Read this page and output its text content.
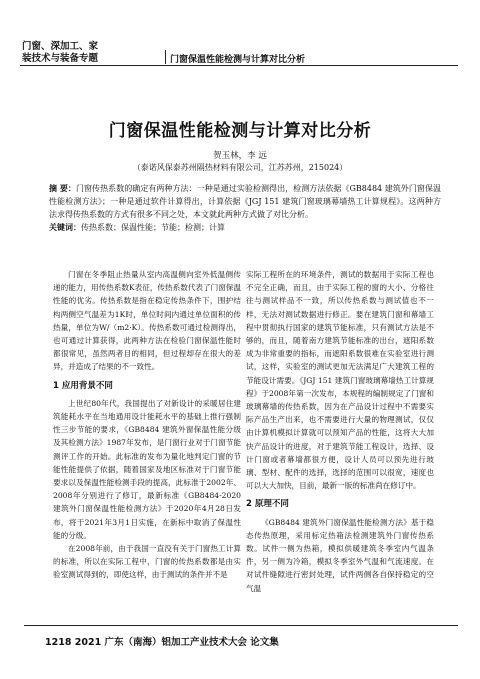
门窗、深加工、家
装技术与装备专题	门窗保温性能检测与计算对比分析
门窗保温性能检测与计算对比分析
贺玉林，李 远
（泰诺风保泰苏州隔热材料有限公司，江苏苏州，215024）
摘 要：门窗传热系数的确定有两种方法：一种是通过实验检测得出，检测方法依据《GB8484 建筑外门窗保温性能检测方法》；一种是通过软件计算得出，计算依据《JGJ 151 建筑门窗玻璃幕墙热工计算规程》。这两种方法求得传热系数的方式有很多不同之处，本文就此两种方式做了对比分析。
关键词：传热系数；保温性能；节能；检测；计算

门窗在冬季阻止热量从室内高温侧向室外低温侧传递的能力，用传热系数K表征，传热系数代表了门窗保温性能的优劣。传热系数是指在稳定传热条件下，围护结构两侧空气温差为1K时，单位时间内通过单位面积的传热量，单位为W/（m2·K）。传热系数可通过检测得出，也可通过计算获得，此两种方法在检验门窗保温性能时都很常见，虽然两者目的相同，但过程却存在很大的差异，并造成了结果的不一致性。

1 应用背景不同

上世纪80年代，我国提出了对新设计的采暖居住建筑能耗水平在当地通用设计能耗水平的基础上推行强制性三步节能的要求，《GB8484 建筑外窗保温性能分级及其检测方法》1987年发布，是门窗行业对于门窗节能测评工作的开始。此标准的发布为量化地判定门窗的节能性能提供了依据，随着国家及地区标准对于门窗节能要求以及保温性能检测手段的提高，此标准于2002年、2008年分别进行了修订，最新标准《GB8484-2020 建筑外门窗保温性能检测方法》于2020年4月28日发布，将于2021年3月1日实施，在新标中取消了保温性能的分级。

在2008年前，由于我国一直没有关于门窗热工计算的标准，所以在实际工程中，门窗的传热系数都是由实验室测试得到的，即使这样，由于测试的条件并不是

实际工程所在的环境条件，测试的数据用于实际工程也不完全正确，而且，由于实际工程的窗的大小、分格往往与测试样品不一致，所以传热系数与测试值也不一样，无法对测试数据进行修正。要在建筑门窗和幕墙工程中贯彻执行国家的建筑节能标准，只有测试方法是不够的，而且，随着南方建筑节能标准的出台，遮阳系数成为非常重要的指标，而遮阳系数很难在实验室进行测试，这样，实验室的测试更加无法满足广大建筑工程的节能设计需要。《JGJ 151 建筑门窗玻璃幕墙热工计算规程》于2008年第一次发布，本规程的编制规定了门窗和玻璃幕墙的传热系数，因为在产品设计过程中不需要实际产品生产出来，也不需要进行大量的物理测试，仅仅由计算机模拟计算就可以预知产品的性能，这将大大加快产品设计的进度，对于建筑节能工程设计，选择、设计门窗或者幕墙都很方便，设计人员可以预先进行玻璃、型材、配件的选择，选择的范围可以很宽，速度也可以大大加快，目前，最新一版的标准尚在修订中。

2 原理不同

《GB8484 建筑外门窗保温性能检测方法》基于稳态传热原理，采用标定热箱法检测建筑外门窗传热系数。试件一侧为热箱，模拟供暖建筑冬季室内气温条件，另一侧为冷箱，模拟冬季室外气温和气流速度。在对试件缝隙进行密封处理，试件两侧各自保持稳定的空气温

1218 2021 广东（南海）铝加工产业技术大会 论文集
